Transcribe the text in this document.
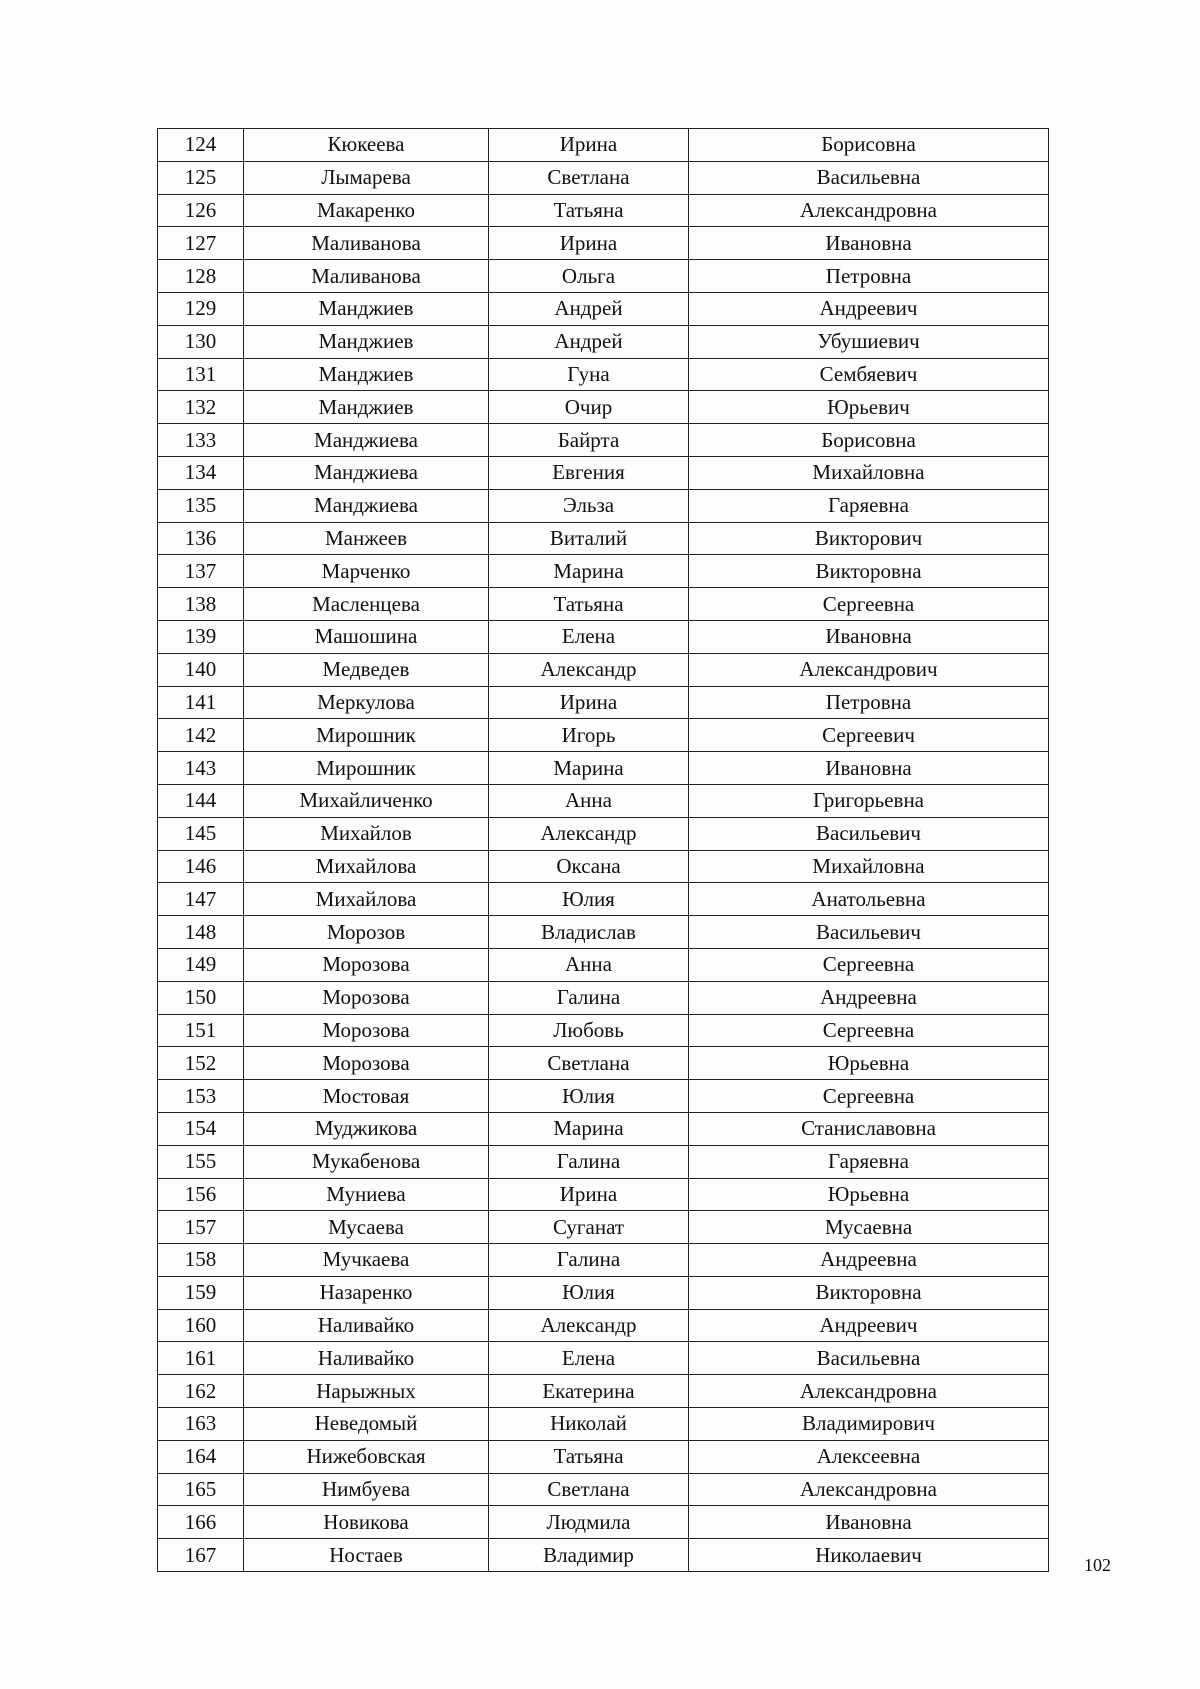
124	Кюкеева	Ирина	Борисовна
125	Лымарева	Светлана	Васильевна
126	Макаренко	Татьяна	Александровна
127	Маливанова	Ирина	Ивановна
128	Маливанова	Ольга	Петровна
129	Манджиев	Андрей	Андреевич
130	Манджиев	Андрей	Убушиевич
131	Манджиев	Гуна	Сембяевич
132	Манджиев	Очир	Юрьевич
133	Манджиева	Байрта	Борисовна
134	Манджиева	Евгения	Михайловна
135	Манджиева	Эльза	Гаряевна
136	Манжеев	Виталий	Викторович
137	Марченко	Марина	Викторовна
138	Масленцева	Татьяна	Сергеевна
139	Машошина	Елена	Ивановна
140	Медведев	Александр	Александрович
141	Меркулова	Ирина	Петровна
142	Мирошник	Игорь	Сергеевич
143	Мирошник	Марина	Ивановна
144	Михайличенко	Анна	Григорьевна
145	Михайлов	Александр	Васильевич
146	Михайлова	Оксана	Михайловна
147	Михайлова	Юлия	Анатольевна
148	Морозов	Владислав	Васильевич
149	Морозова	Анна	Сергеевна
150	Морозова	Галина	Андреевна
151	Морозова	Любовь	Сергеевна
152	Морозова	Светлана	Юрьевна
153	Мостовая	Юлия	Сергеевна
154	Муджикова	Марина	Станиславовна
155	Мукабенова	Галина	Гаряевна
156	Муниева	Ирина	Юрьевна
157	Мусаева	Суганат	Мусаевна
158	Мучкаева	Галина	Андреевна
159	Назаренко	Юлия	Викторовна
160	Наливайко	Александр	Андреевич
161	Наливайко	Елена	Васильевна
162	Нарыжных	Екатерина	Александровна
163	Неведомый	Николай	Владимирович
164	Нижебовская	Татьяна	Алексеевна
165	Нимбуева	Светлана	Александровна
166	Новикова	Людмила	Ивановна
167	Ностаев	Владимир	Николаевич	102
